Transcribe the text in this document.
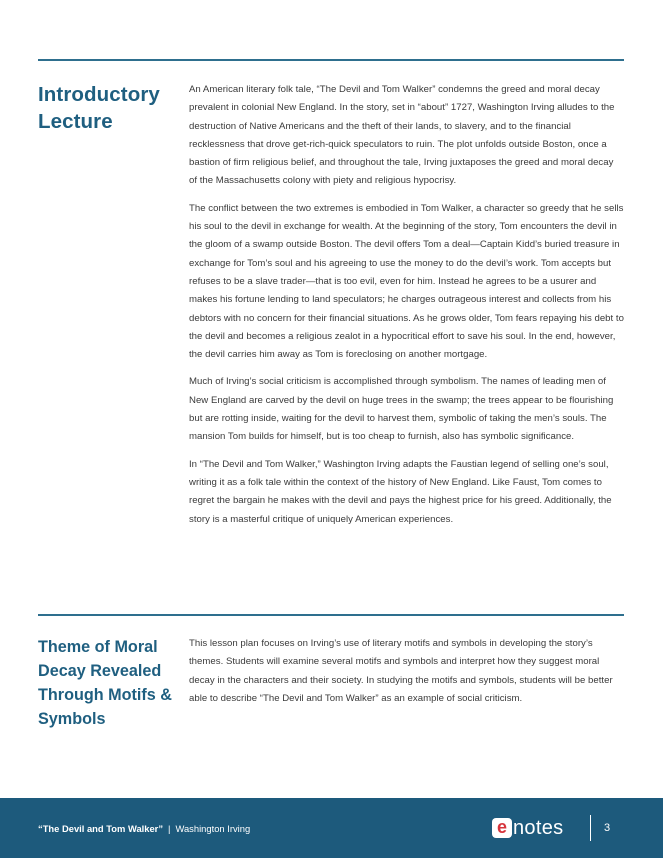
Introductory Lecture

An American literary folk tale, “The Devil and Tom Walker” condemns the greed and moral decay prevalent in colonial New England. In the story, set in “about” 1727, Washington Irving alludes to the destruction of Native Americans and the theft of their lands, to slavery, and to the financial recklessness that drove get-rich-quick speculators to ruin. The plot unfolds outside Boston, once a bastion of firm religious belief, and throughout the tale, Irving juxtaposes the greed and moral decay of the Massachusetts colony with piety and religious hypocrisy.

The conflict between the two extremes is embodied in Tom Walker, a character so greedy that he sells his soul to the devil in exchange for wealth. At the beginning of the story, Tom encounters the devil in the gloom of a swamp outside Boston. The devil offers Tom a deal—Captain Kidd’s buried treasure in exchange for Tom’s soul and his agreeing to use the money to do the devil’s work. Tom accepts but refuses to be a slave trader—that is too evil, even for him. Instead he agrees to be a usurer and makes his fortune lending to land speculators; he charges outrageous interest and collects from his debtors with no concern for their financial situations. As he grows older, Tom fears repaying his debt to the devil and becomes a religious zealot in a hypocritical effort to save his soul. In the end, however, the devil carries him away as Tom is foreclosing on another mortgage.

Much of Irving’s social criticism is accomplished through symbolism. The names of leading men of New England are carved by the devil on huge trees in the swamp; the trees appear to be flourishing but are rotting inside, waiting for the devil to harvest them, symbolic of taking the men’s souls. The mansion Tom builds for himself, but is too cheap to furnish, also has symbolic significance.

In “The Devil and Tom Walker,” Washington Irving adapts the Faustian legend of selling one’s soul, writing it as a folk tale within the context of the history of New England. Like Faust, Tom comes to regret the bargain he makes with the devil and pays the highest price for his greed. Additionally, the story is a masterful critique of uniquely American experiences.

Theme of Moral Decay Revealed Through Motifs & Symbols

This lesson plan focuses on Irving’s use of literary motifs and symbols in developing the story’s themes. Students will examine several motifs and symbols and interpret how they suggest moral decay in the characters and their society. In studying the motifs and symbols, students will be better able to describe “The Devil and Tom Walker” as an example of social criticism.

“The Devil and Tom Walker” | Washington Irving	e notes	3
